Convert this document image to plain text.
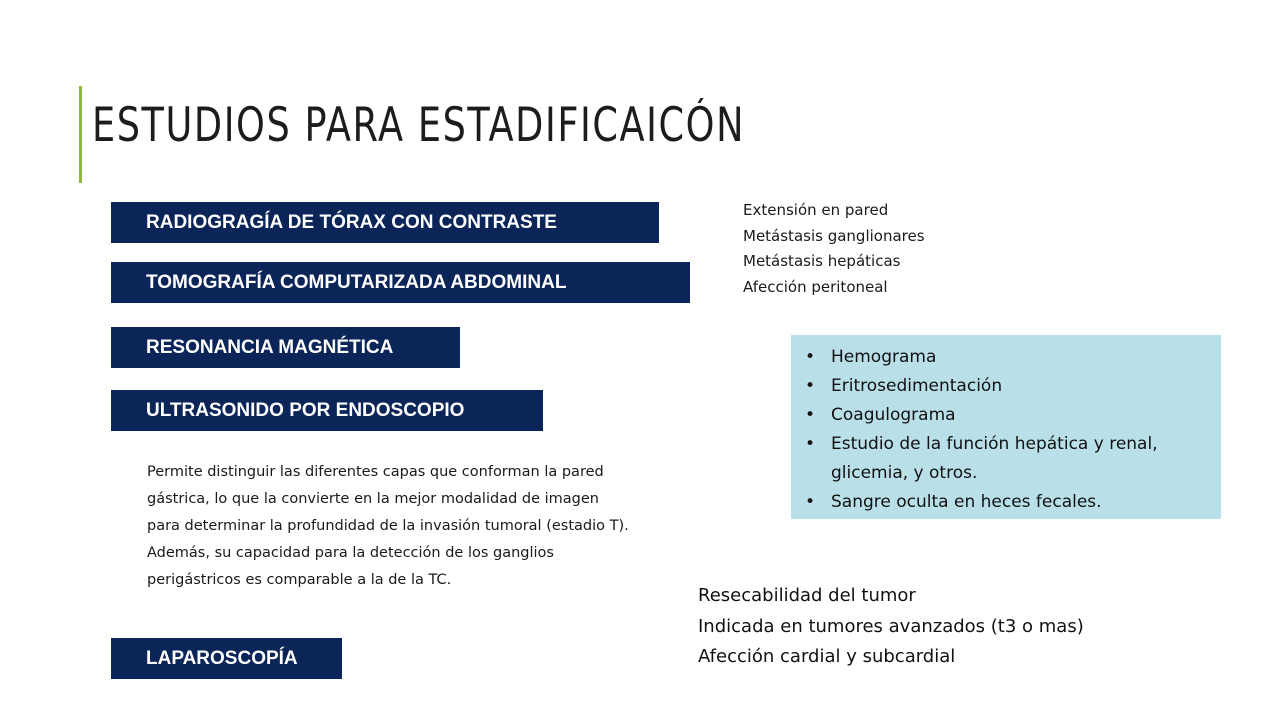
ESTUDIOS PARA ESTADIFICAICÓN
RADIOGRAGÍA DE TÓRAX CON CONTRASTE
TOMOGRAFÍA COMPUTARIZADA ABDOMINAL
RESONANCIA MAGNÉTICA
ULTRASONIDO POR ENDOSCOPIO
LAPAROSCOPÍA
Extensión en pared
Metástasis ganglionares
Metástasis hepáticas
Afección peritoneal
• Hemograma
• Eritrosedimentación
• Coagulograma
• Estudio de la función hepática y renal, glicemia, y otros.
• Sangre oculta en heces fecales.

Permite distinguir las diferentes capas que conforman la pared
gástrica, lo que la convierte en la mejor modalidad de imagen
para determinar la profundidad de la invasión tumoral (estadio T).
Además, su capacidad para la detección de los ganglios
perigástricos es comparable a la de la TC.

Resecabilidad del tumor
Indicada en tumores avanzados (t3 o mas)
Afección cardial y subcardial
